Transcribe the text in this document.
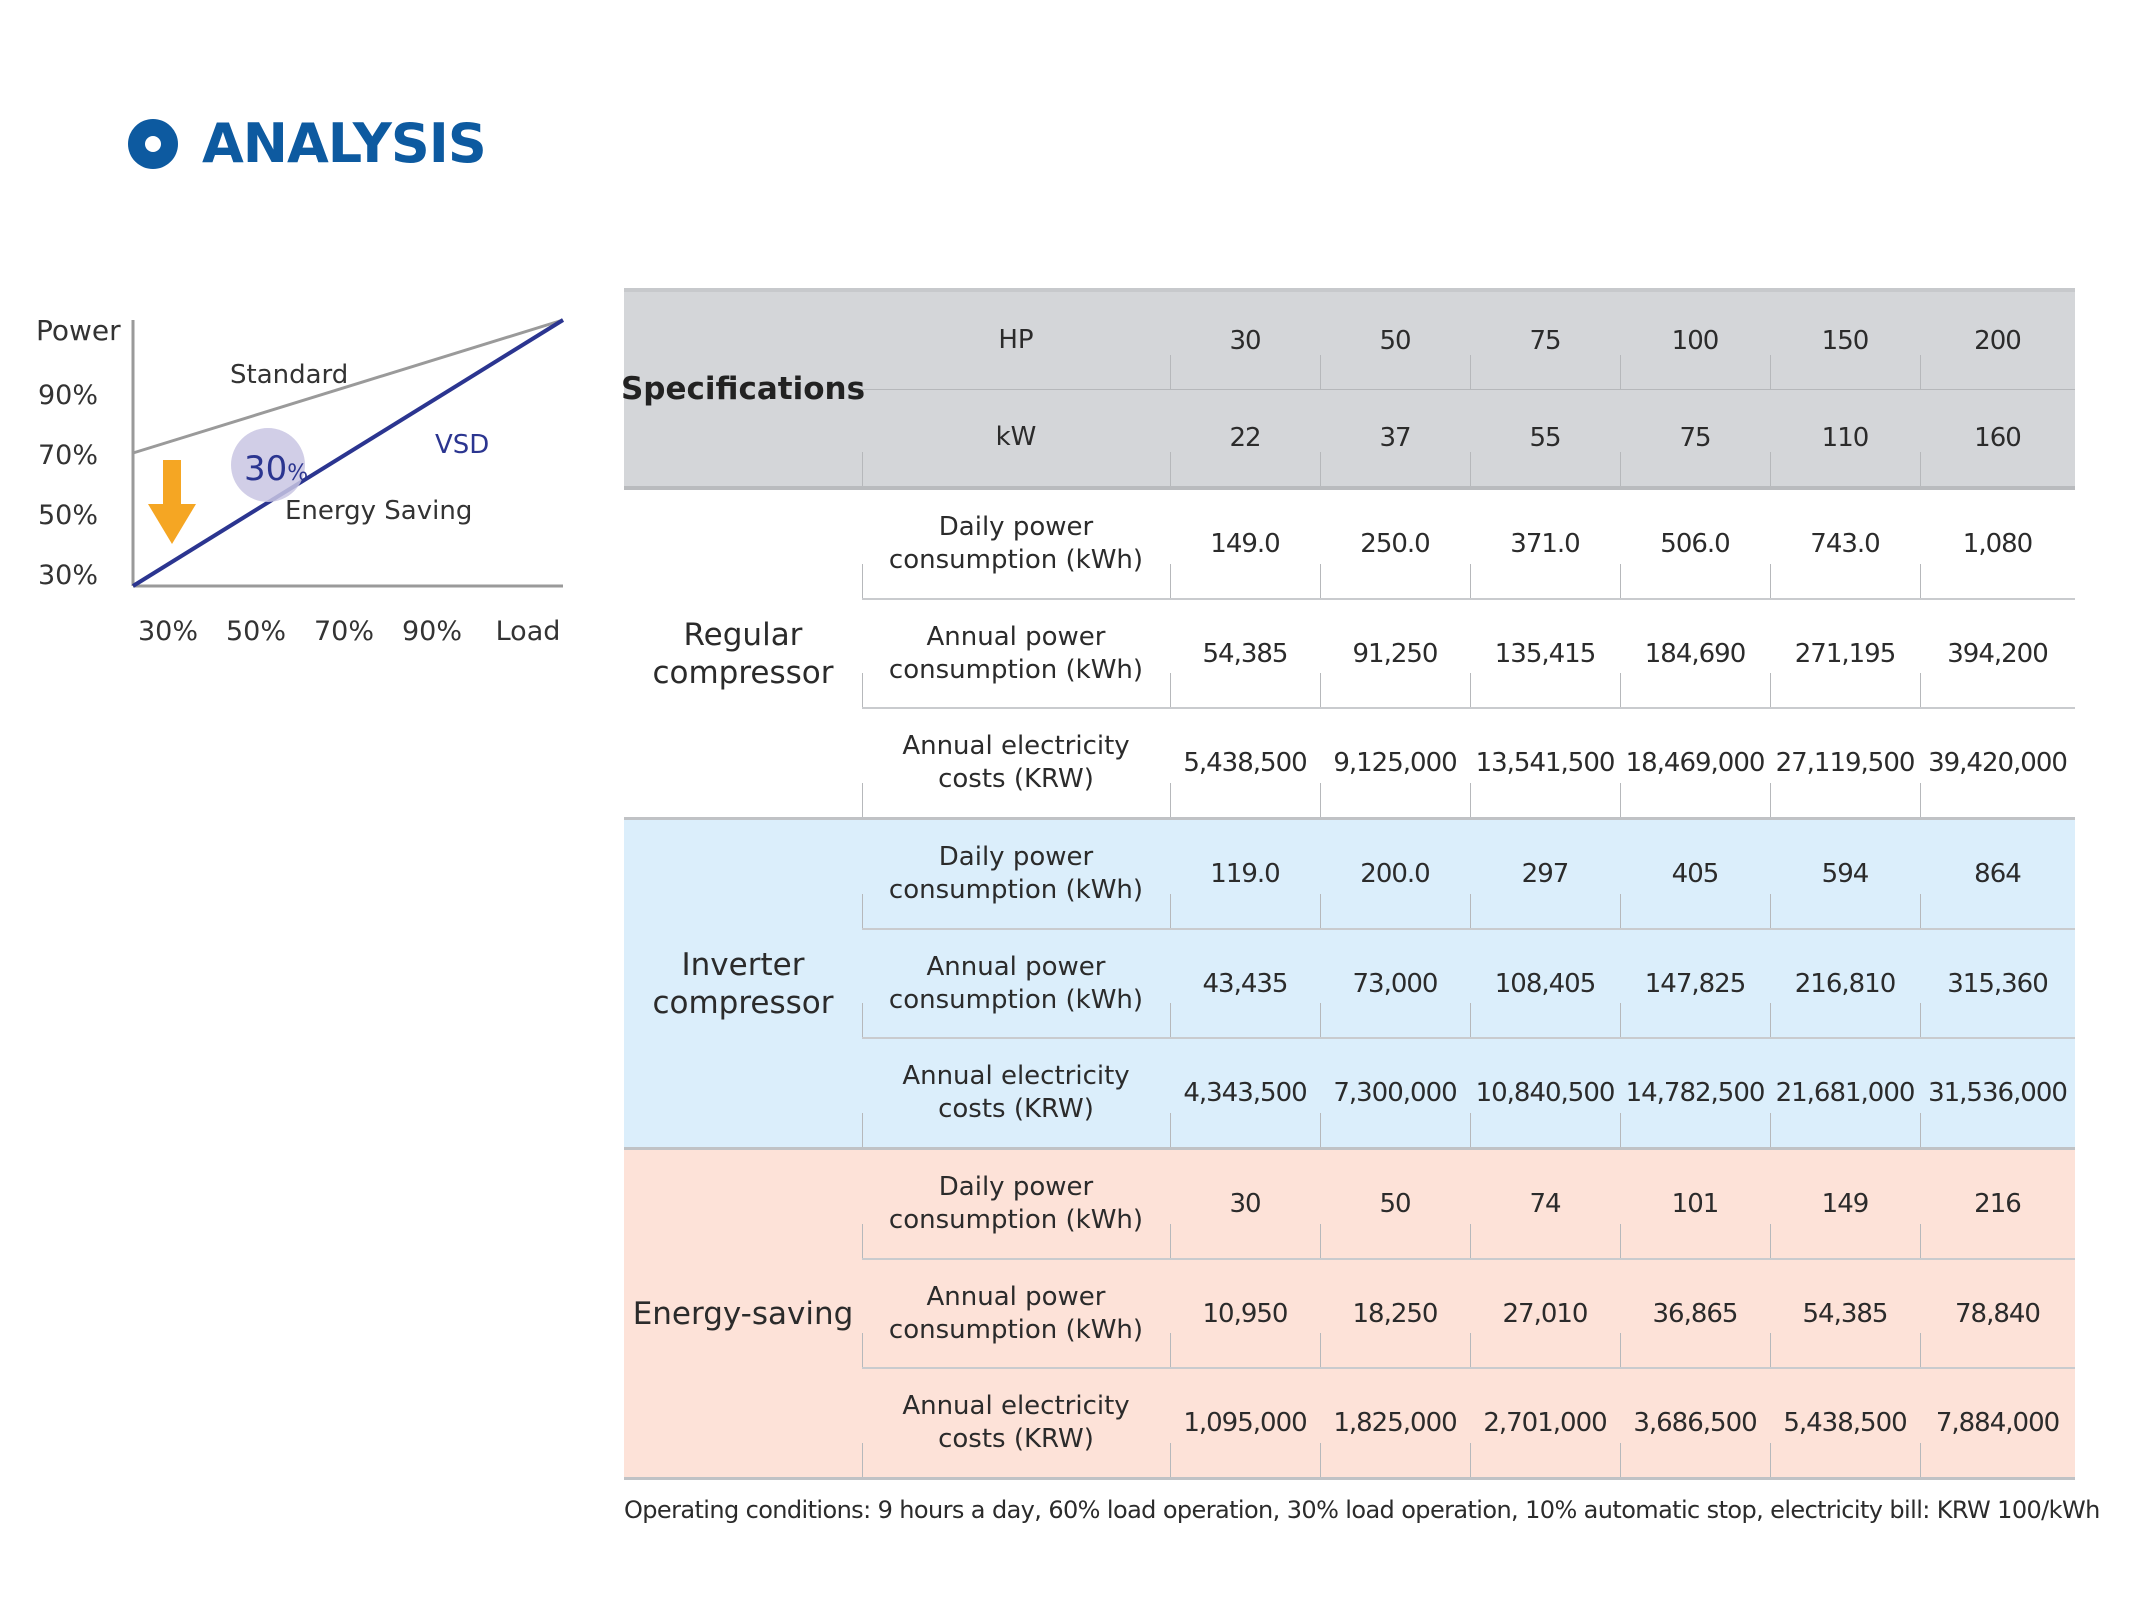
ANALYSIS
Power
90%
70%
50%
30%
30% 50% 70% 90% Load
30%
Standard
VSD
Energy Saving
Specifications
HP	30	50	75	100	150	200
kW	22	37	55	75	110	160
Regular
compressor
Daily power
consumption (kWh)
149.0	250.0	371.0	506.0	743.0	1,080
Annual power
consumption (kWh)
54,385	91,250	135,415	184,690	271,195	394,200
Annual electricity
costs (KRW)
5,438,500	9,125,000 13,541,500 18,469,000 27,119,500 39,420,000
Inverter
compressor
Daily power
consumption (kWh)
119.0	200.0	297	405	594	864
Annual power
consumption (kWh)
43,435	73,000	108,405	147,825	216,810	315,360
Annual electricity
costs (KRW)
4,343,500	7,300,000 10,840,500 14,782,500 21,681,000 31,536,000
Energy-saving
Daily power
consumption (kWh)
30	50	74	101	149	216
Annual power
consumption (kWh)
10,950	18,250	27,010	36,865	54,385	78,840
Annual electricity
costs (KRW)
1,095,000	1,825,000	2,701,000	3,686,500	5,438,500	7,884,000
Operating conditions: 9 hours a day, 60% load operation, 30% load operation, 10% automatic stop, electricity bill: KRW 100/kWh
